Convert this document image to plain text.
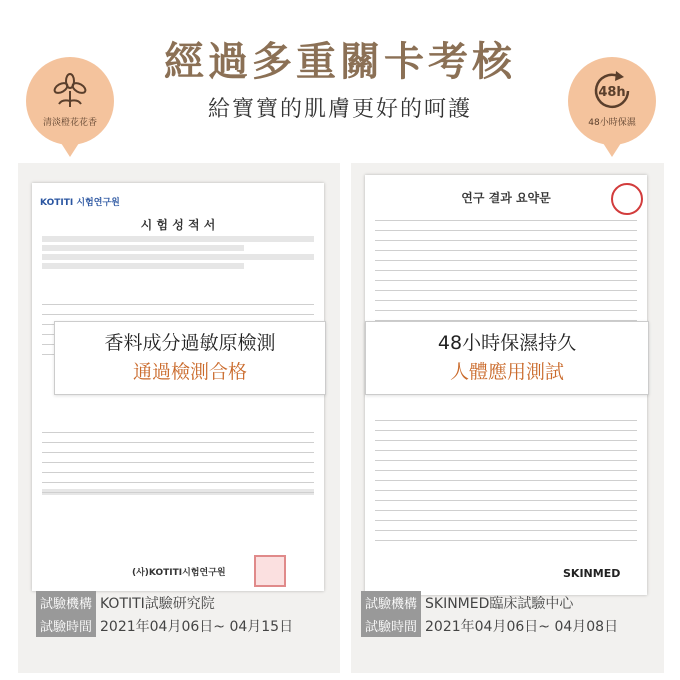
經過多重關卡考核
給寶寶的肌膚更好的呵護
清淡橙花花香
48h
48小時保濕
KOTITI 시험연구원
시 험 성 적 서
(사)KOTITI시험연구원
香料成分過敏原檢測
通過檢測合格
試驗機構 KOTITI試驗研究院
試驗時間 2021年04月06日~ 04月15日
연구 결과 요약문
SKINMED
48小時保濕持久
人體應用測試
試驗機構 SKINMED臨床試驗中心
試驗時間 2021年04月06日~ 04月08日
